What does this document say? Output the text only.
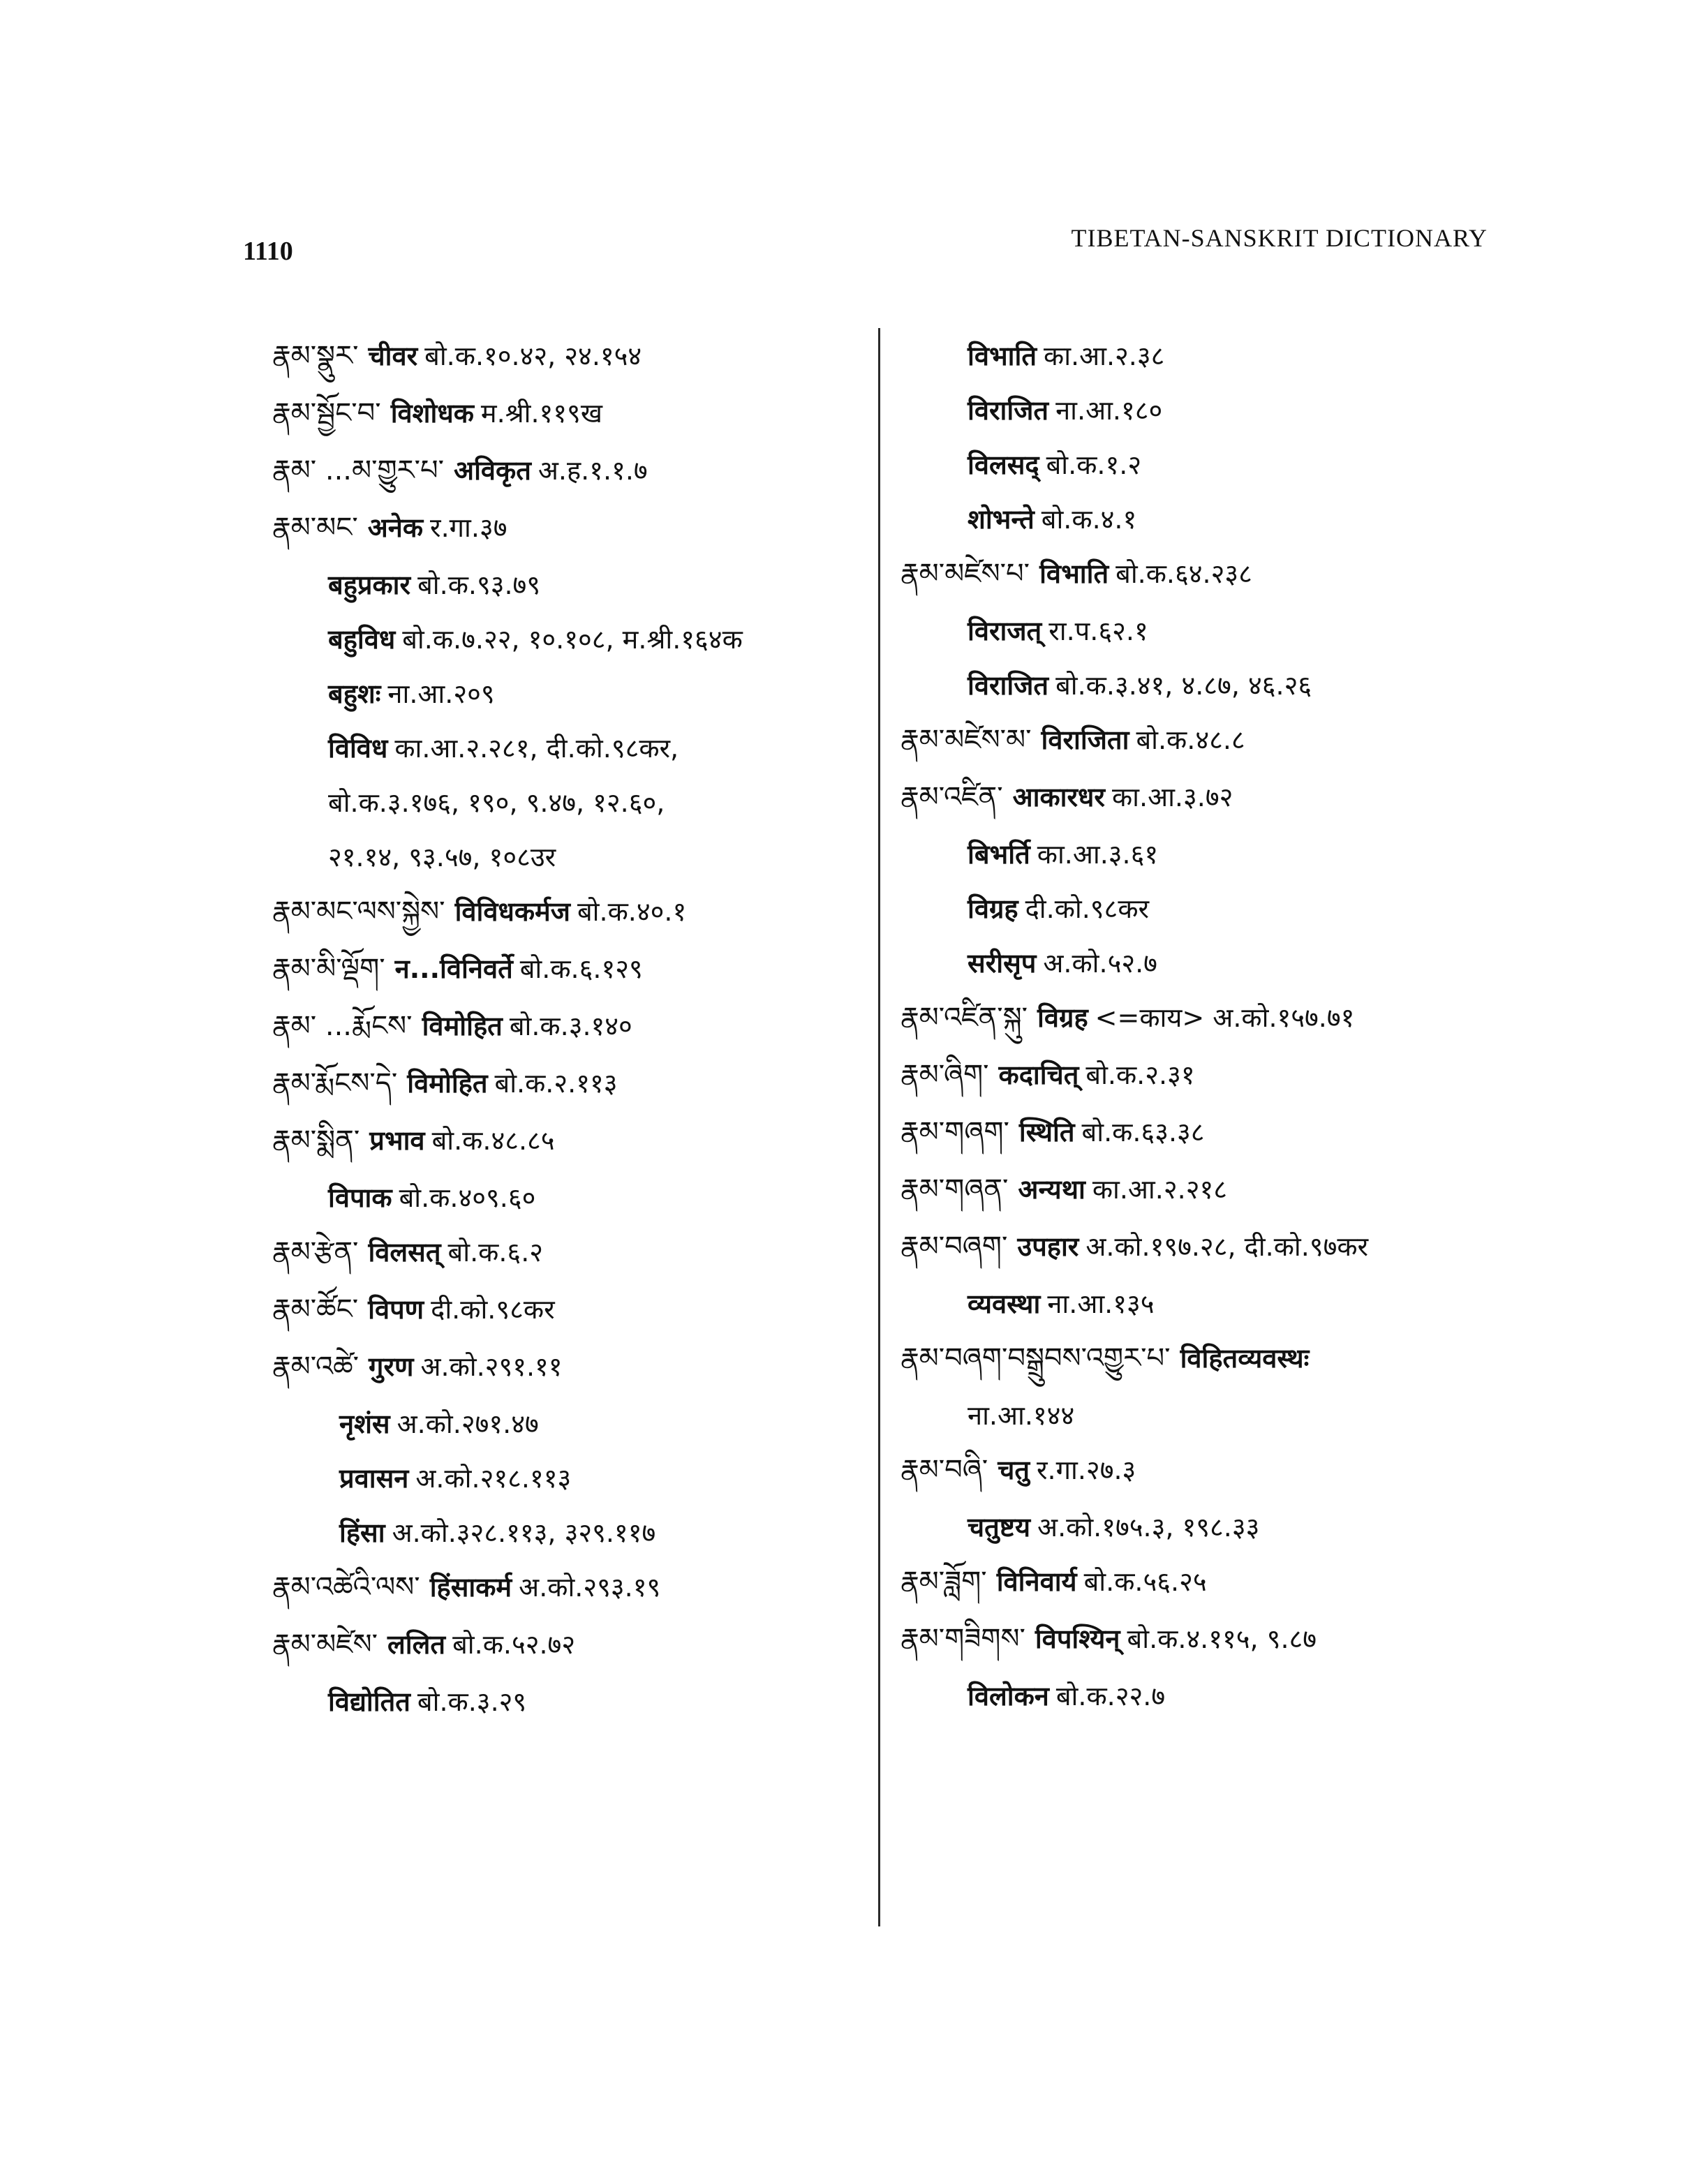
1110	TIBETAN-SANSKRIT DICTIONARY
རྣམ་སྣུར་ चीवर बो.क.१०.४२, २४.१५४
རྣམ་སྦྱོང་བ་ विशोधक म.श्री.११९ख
རྣམ་ ...མ་གྱུར་པ་ अविकृत अ.ह.१.१.७
རྣམ་མང་ अनेक र.गा.३७
बहुप्रकार बो.क.९३.७९
बहुविध बो.क.७.२२, १०.१०८, म.श्री.१६४क
बहुशः ना.आ.२०९
विविध का.आ.२.२८१, दी.को.९८कर,
बो.क.३.१७६, १९०, ९.४७, १२.६०,
२१.१४, ९३.५७, १०८उर
རྣམ་མང་ལས་སྐྱེས་ विविधकर्मज बो.क.४०.१
རྣམ་མི་ལྡོག་ न...विनिवर्ते बो.क.६.१२९
རྣམ་ ...རྨོངས་ विमोहित बो.क.३.१४०
རྣམ་རྨོངས་དེ་ विमोहित बो.क.२.११३
རྣམ་སྨིན་ प्रभाव बो.क.४८.८५
विपाक बो.क.४०९.६०
རྣམ་རྩེན་ विलसत् बो.क.६.२
རྣམ་ཚོང་ विपण दी.को.९८कर
རྣམ་འཚེ་ गुरण अ.को.२९१.११
नृशंस अ.को.२७१.४७
प्रवासन अ.को.२१८.११३
हिंसा अ.को.३२८.११३, ३२९.११७
རྣམ་འཚེའི་ལས་ हिंसाकर्म अ.को.२९३.१९
རྣམ་མཛེས་ ललित बो.क.५२.७२
विद्योतित बो.क.३.२९
विभाति का.आ.२.३८
विराजित ना.आ.१८०
विलसद् बो.क.१.२
शोभन्ते बो.क.४.१
རྣམ་མཛེས་པ་ विभाति बो.क.६४.२३८
विराजत् रा.प.६२.१
विराजित बो.क.३.४१, ४.८७, ४६.२६
རྣམ་མཛེས་མ་ विराजिता बो.क.४८.८
རྣམ་འཛིན་ आकारधर का.आ.३.७२
बिभर्ति का.आ.३.६१
विग्रह दी.को.९८कर
सरीसृप अ.को.५२.७
རྣམ་འཛིན་སྐུ་ विग्रह <=काय> अ.को.१५७.७१
རྣམ་ཞིག་ कदाचित् बो.क.२.३१
རྣམ་གཞག་ स्थिति बो.क.६३.३८
རྣམ་གཞན་ अन्यथा का.आ.२.२१८
རྣམ་བཞག་ उपहार अ.को.१९७.२८, दी.को.९७कर
व्यवस्था ना.आ.१३५
རྣམ་བཞག་བསྒྲུབས་འགྱུར་པ་ विहितव्यवस्थः
ना.आ.१४४
རྣམ་བཞི་ चतु र.गा.२७.३
चतुष्टय अ.को.१७५.३, १९८.३३
རྣམ་ཟློག་ विनिवार्य बो.क.५६.२५
རྣམ་གཟིགས་ विपश्यिन् बो.क.४.११५, ९.८७
विलोकन बो.क.२२.७
